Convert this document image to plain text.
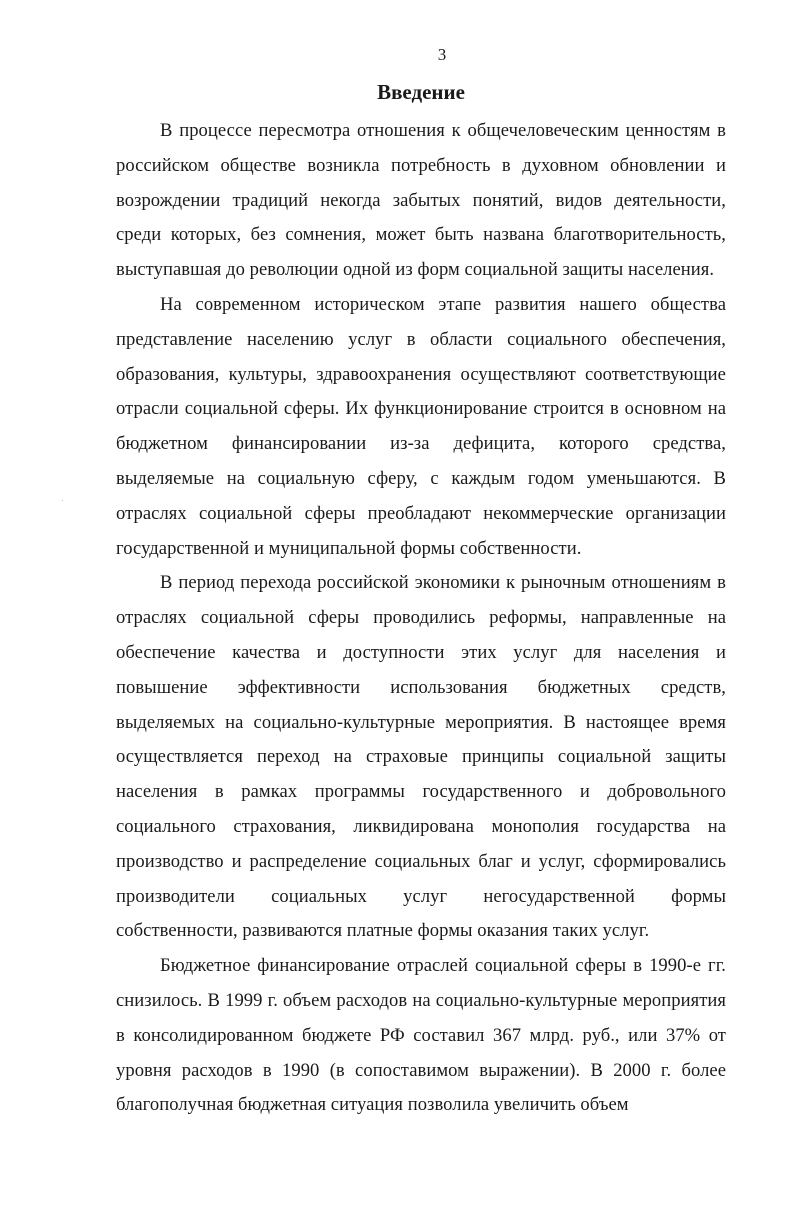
3
Введение

В процессе пересмотра отношения к общечеловеческим ценностям в российском обществе возникла потребность в духовном обновлении и возрождении традиций некогда забытых понятий, видов деятельности, среди которых, без сомнения, может быть названа благотворительность, выступавшая до революции одной из форм социальной защиты населения.

На современном историческом этапе развития нашего общества представление населению услуг в области социального обеспечения, образования, культуры, здравоохранения осуществляют соответствующие отрасли социальной сферы. Их функционирование строится в основном на бюджетном финансировании из-за дефицита, которого средства, выделяемые на социальную сферу, с каждым годом уменьшаются. В отраслях социальной сферы преобладают некоммерческие организации государственной и муниципальной формы собственности.

В период перехода российской экономики к рыночным отношениям в отраслях социальной сферы проводились реформы, направленные на обеспечение качества и доступности этих услуг для населения и повышение эффективности использования бюджетных средств, выделяемых на социально-культурные мероприятия. В настоящее время осуществляется переход на страховые принципы социальной защиты населения в рамках программы государственного и добровольного социального страхования, ликвидирована монополия государства на производство и распределение социальных благ и услуг, сформировались производители социальных услуг негосударственной формы собственности, развиваются платные формы оказания таких услуг.

Бюджетное финансирование отраслей социальной сферы в 1990-е гг. снизилось. В 1999 г. объем расходов на социально-культурные мероприятия в консолидированном бюджете РФ составил 367 млрд. руб., или 37% от уровня расходов в 1990 (в сопоставимом выражении). В 2000 г. более благополучная бюджетная ситуация позволила увеличить объем
